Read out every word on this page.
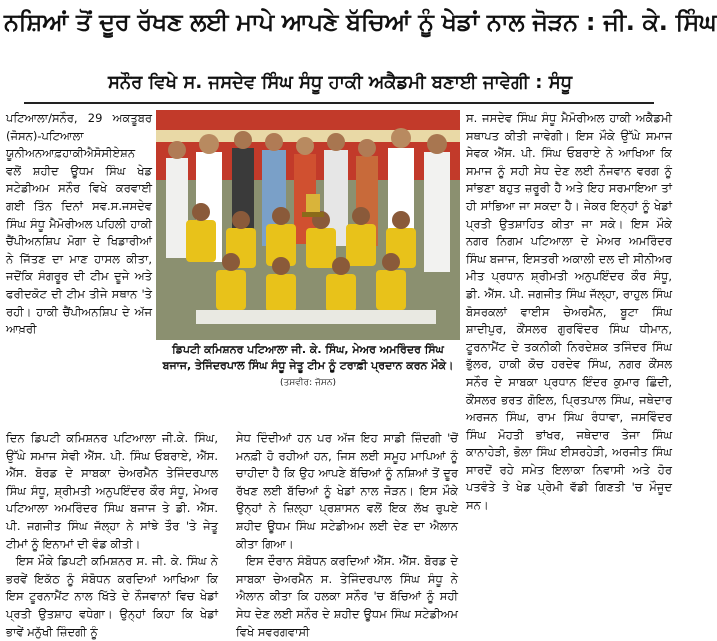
ਨਸ਼ਿਆਂ ਤੋਂ ਦੂਰ ਰੱਖਣ ਲਈ ਮਾਪੇ ਆਪਣੇ ਬੱਚਿਆਂ ਨੂੰ ਖੇਡਾਂ ਨਾਲ ਜੋੜਨ : ਜੀ. ਕੇ. ਸਿੰਘ
ਸਨੌਰ ਵਿਖੇ ਸ. ਜਸਦੇਵ ਸਿੰਘ ਸੰਧੂ ਹਾਕੀ ਅਕੈਡਮੀ ਬਣਾਈ ਜਾਵੇਗੀ : ਸੰਧੂ

ਪਟਿਆਲਾ/ਸਨੌਰ, 29 ਅਕਤੂਬਰ (ਜੋਸਨ)-ਪਟਿਆਲਾ ਯੂਨੀਅਨਆਫ਼ਹਾਕੀਐਸੋਸੀਏਸ਼ਨ ਵਲੋਂ ਸ਼ਹੀਦ ਊਧਮ ਸਿੰਘ ਖੇਡ ਸਟੇਡੀਅਮ ਸਨੌਰ ਵਿਖੇ ਕਰਵਾਈ ਗਈ ਤਿੰਨ ਦਿਨਾਂ ਸਵ.ਸ.ਜਸਦੇਵ ਸਿੰਘ ਸੰਧੂ ਮੈਮੋਰੀਅਲ ਪਹਿਲੀ ਹਾਕੀ ਚੈਂਪੀਅਨਸ਼ਿਪ ਮੋਗਾ ਦੇ ਖਿਡਾਰੀਆਂ ਨੇ ਜਿੱਤਣ ਦਾ ਮਾਣ ਹਾਸਲ ਕੀਤਾ, ਜਦੋਂਕਿ ਸੰਗਰੂਰ ਦੀ ਟੀਮ ਦੂਜੇ ਅਤੇ ਫਰੀਦਕੋਟ ਦੀ ਟੀਮ ਤੀਜੇ ਸਥਾਨ 'ਤੇ ਰਹੀ। ਹਾਕੀ ਚੈਂਪੀਅਨਸ਼ਿਪ ਦੇ ਅੱਜ ਆਖ਼ਰੀ

ਡਿਪਟੀ ਕਮਿਸ਼ਨਰ ਪਟਿਆਲਾ ਜੀ. ਕੇ. ਸਿੰਘ, ਮੇਅਰ ਅਮਰਿੰਦਰ ਸਿੰਘ ਬਜਾਜ, ਤੇਜਿੰਦਰਪਾਲ ਸਿੰਘ ਸੰਧੂ ਜੇਤੂ ਟੀਮ ਨੂੰ ਟਰਾਫ਼ੀ ਪ੍ਰਦਾਨ ਕਰਨ ਮੌਕੇ। (ਤਸਵੀਰ: ਜੋਸਨ)

ਦਿਨ ਡਿਪਟੀ ਕਮਿਸ਼ਨਰ ਪਟਿਆਲਾ ਜੀ.ਕੇ. ਸਿੰਘ, ਉੱਘੇ ਸਮਾਜ ਸੇਵੀ ਐੱਸ. ਪੀ. ਸਿੰਘ ਓਬਰਾਏ, ਐੱਸ. ਐੱਸ. ਬੋਰਡ ਦੇ ਸਾਬਕਾ ਚੇਅਰਮੈਨ ਤੇਜਿੰਦਰਪਾਲ ਸਿੰਘ ਸੰਧੂ, ਸ਼੍ਰੀਮਤੀ ਅਨੁਪਇੰਦਰ ਕੌਰ ਸੰਧੂ, ਮੇਅਰ ਪਟਿਆਲਾ ਅਮਰਿੰਦਰ ਸਿੰਘ ਬਜਾਜ ਤੇ ਡੀ. ਐੱਸ. ਪੀ. ਜਗਜੀਤ ਸਿੰਘ ਜੱਲ੍ਹਾ ਨੇ ਸਾਂਝੇ ਤੌਰ 'ਤੇ ਜੇਤੂ ਟੀਮਾਂ ਨੂੰ ਇਨਾਮਾਂ ਦੀ ਵੰਡ ਕੀਤੀ।

ਇਸ ਮੌਕੇ ਡਿਪਟੀ ਕਮਿਸ਼ਨਰ ਸ. ਜੀ. ਕੇ. ਸਿੰਘ ਨੇ ਭਰਵੇਂ ਇਕੱਠ ਨੂੰ ਸੰਬੋਧਨ ਕਰਦਿਆਂ ਆਖਿਆ ਕਿ ਇਸ ਟੂਰਨਾਮੈਂਟ ਨਾਲ ਖਿੱਤੇ ਦੇ ਨੌਜਵਾਨਾਂ ਵਿਚ ਖੇਡਾਂ ਪ੍ਰਤੀ ਉਤਸ਼ਾਹ ਵਧੇਗਾ। ਉਨ੍ਹਾਂ ਕਿਹਾ ਕਿ ਖੇਡਾਂ ਭਾਵੇਂ ਮਨੁੱਖੀ ਜ਼ਿੰਦਗੀ ਨੂੰ

ਸੇਧ ਦਿੰਦੀਆਂ ਹਨ ਪਰ ਅੱਜ ਇਹ ਸਾਡੀ ਜ਼ਿੰਦਗੀ 'ਚੋਂ ਮਨਫ਼ੀ ਹੋ ਰਹੀਆਂ ਹਨ, ਜਿਸ ਲਈ ਸਮੂਹ ਮਾਪਿਆਂ ਨੂੰ ਚਾਹੀਦਾ ਹੈ ਕਿ ਉਹ ਆਪਣੇ ਬੱਚਿਆਂ ਨੂੰ ਨਸ਼ਿਆਂ ਤੋਂ ਦੂਰ ਰੱਖਣ ਲਈ ਬੱਚਿਆਂ ਨੂੰ ਖੇਡਾਂ ਨਾਲ ਜੋੜਨ। ਇਸ ਮੌਕੇ ਉਨ੍ਹਾਂ ਨੇ ਜ਼ਿਲ੍ਹਾ ਪ੍ਰਸ਼ਾਸਨ ਵਲੋਂ ਇਕ ਲੱਖ ਰੁਪਏ ਸ਼ਹੀਦ ਊਧਮ ਸਿੰਘ ਸਟੇਡੀਅਮ ਲਈ ਦੇਣ ਦਾ ਐਲਾਨ ਕੀਤਾ ਗਿਆ।

ਇਸ ਦੌਰਾਨ ਸੰਬੋਧਨ ਕਰਦਿਆਂ ਐੱਸ. ਐੱਸ. ਬੋਰਡ ਦੇ ਸਾਬਕਾ ਚੇਅਰਮੈਨ ਸ. ਤੇਜਿੰਦਰਪਾਲ ਸਿੰਘ ਸੰਧੂ ਨੇ ਐਲਾਨ ਕੀਤਾ ਕਿ ਹਲਕਾ ਸਨੌਰ 'ਚ ਬੱਚਿਆਂ ਨੂੰ ਸਹੀ ਸੇਧ ਦੇਣ ਲਈ ਸਨੌਰ ਦੇ ਸ਼ਹੀਦ ਊਧਮ ਸਿੰਘ ਸਟੇਡੀਅਮ ਵਿਖੇ ਸਵਰਗਵਾਸੀ

ਸ. ਜਸਦੇਵ ਸਿੰਘ ਸੰਧੂ ਮੈਮੋਰੀਅਲ ਹਾਕੀ ਅਕੈਡਮੀ ਸਥਾਪਤ ਕੀਤੀ ਜਾਵੇਗੀ। ਇਸ ਮੌਕੇ ਉੱਘੇ ਸਮਾਜ ਸੇਵਕ ਐੱਸ. ਪੀ. ਸਿੰਘ ਓਬਰਾਏ ਨੇ ਆਖਿਆ ਕਿ ਸਮਾਜ ਨੂੰ ਸਹੀ ਸੇਧ ਦੇਣ ਲਈ ਨੌਜਵਾਨ ਵਰਗ ਨੂੰ ਸਾਂਭਣਾ ਬਹੁਤ ਜ਼ਰੂਰੀ ਹੈ ਅਤੇ ਇਹ ਸਰਮਾਇਆ ਤਾਂ ਹੀ ਸਾਂਭਿਆ ਜਾ ਸਕਦਾ ਹੈ। ਜੇਕਰ ਇਨ੍ਹਾਂ ਨੂੰ ਖੇਡਾਂ ਪ੍ਰਤੀ ਉਤਸ਼ਾਹਿਤ ਕੀਤਾ ਜਾ ਸਕੇ। ਇਸ ਮੌਕੇ ਨਗਰ ਨਿਗਮ ਪਟਿਆਲਾ ਦੇ ਮੇਅਰ ਅਮਰਿੰਦਰ ਸਿੰਘ ਬਜਾਜ, ਇਸਤਰੀ ਅਕਾਲੀ ਦਲ ਦੀ ਸੀਨੀਅਰ ਮੀਤ ਪ੍ਰਧਾਨ ਸ਼੍ਰੀਮਤੀ ਅਨੁਪਇੰਦਰ ਕੌਰ ਸੰਧੂ, ਡੀ. ਐੱਸ. ਪੀ. ਜਗਜੀਤ ਸਿੰਘ ਜੱਲ੍ਹਾ, ਰਾਹੁਲ ਸਿੰਘ ਬੋਸਰਕਲਾਂ ਵਾਈਸ ਚੇਅਰਮੈਨ, ਬੂਟਾ ਸਿੰਘ ਸ਼ਾਦੀਪੁਰ, ਕੌਂਸਲਰ ਗੁਰਵਿੰਦਰ ਸਿੰਘ ਧੀਮਾਨ, ਟੂਰਨਾਮੈਂਟ ਦੇ ਤਕਨੀਕੀ ਨਿਰਦੇਸ਼ਕ ਤਜਿੰਦਰ ਸਿੰਘ ਭੁੱਲਰ, ਹਾਕੀ ਕੋਚ ਹਰਦੇਵ ਸਿੰਘ, ਨਗਰ ਕੌਂਸਲ ਸਨੌਰ ਦੇ ਸਾਬਕਾ ਪ੍ਰਧਾਨ ਇੰਦਰ ਕੁਮਾਰ ਛਿੰਦੀ, ਕੌਂਸਲਰ ਭਰਤ ਗੋਇਲ, ਪ੍ਰਿਤਪਾਲ ਸਿੰਘ, ਜਥੇਦਾਰ ਅਰਜਨ ਸਿੰਘ, ਰਾਮ ਸਿੰਘ ਰੰਧਾਵਾ, ਜਸਵਿੰਦਰ ਸਿੰਘ ਮੋਹਤੀ ਭਾਂਖਰ, ਜਥੇਦਾਰ ਤੇਜਾ ਸਿੰਘ ਕਾਨਾਹੇੜੀ, ਭੋਲਾ ਸਿੰਘ ਈਸਰਹੇੜੀ, ਅਰਜੀਤ ਸਿੰਘ ਸਾਰਦੋਂ ਰਹੇ ਸਮੇਤ ਇਲਾਕਾ ਨਿਵਾਸੀ ਅਤੇ ਹੋਰ ਪਤਵੰਤੇ ਤੇ ਖੇਡ ਪ੍ਰੇਮੀ ਵੱਡੀ ਗਿਣਤੀ 'ਚ ਮੌਜੂਦ ਸਨ।
